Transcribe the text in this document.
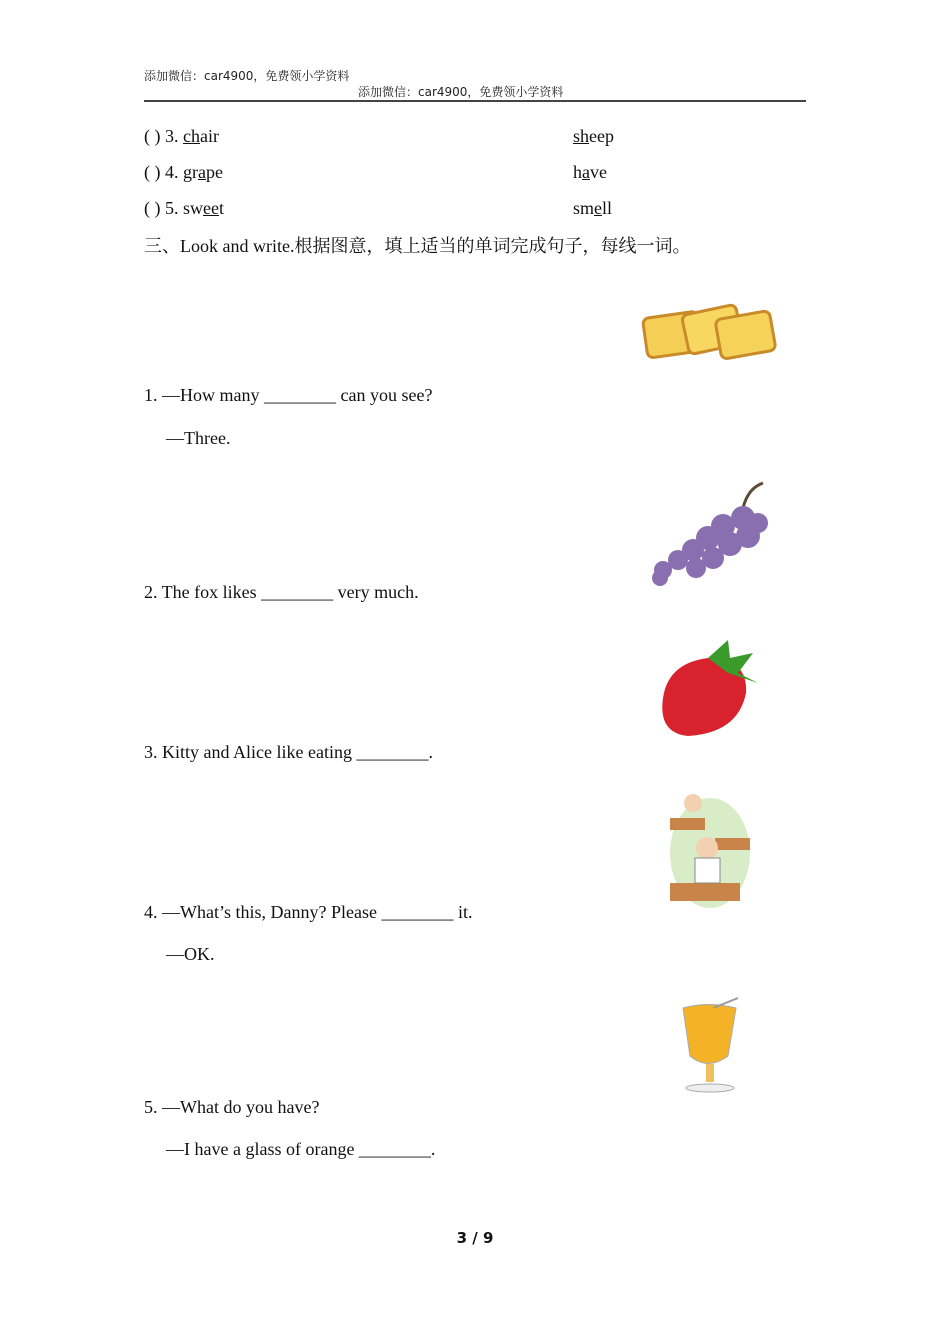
添加微信：car4900，免费领小学资料
添加微信：car4900，免费领小学资料
( ) 3. chair	sheep
( ) 4. grape	have
( ) 5. sweet	smell
三、Look and write.根据图意，填上适当的单词完成句子，每线一词。
1. —How many ________ can you see?
—Three.
2. The fox likes ________ very much.
3. Kitty and Alice like eating ________.
4. —What’s this, Danny? Please ________ it.
—OK.
5. —What do you have?
—I have a glass of orange ________.
3 / 9
